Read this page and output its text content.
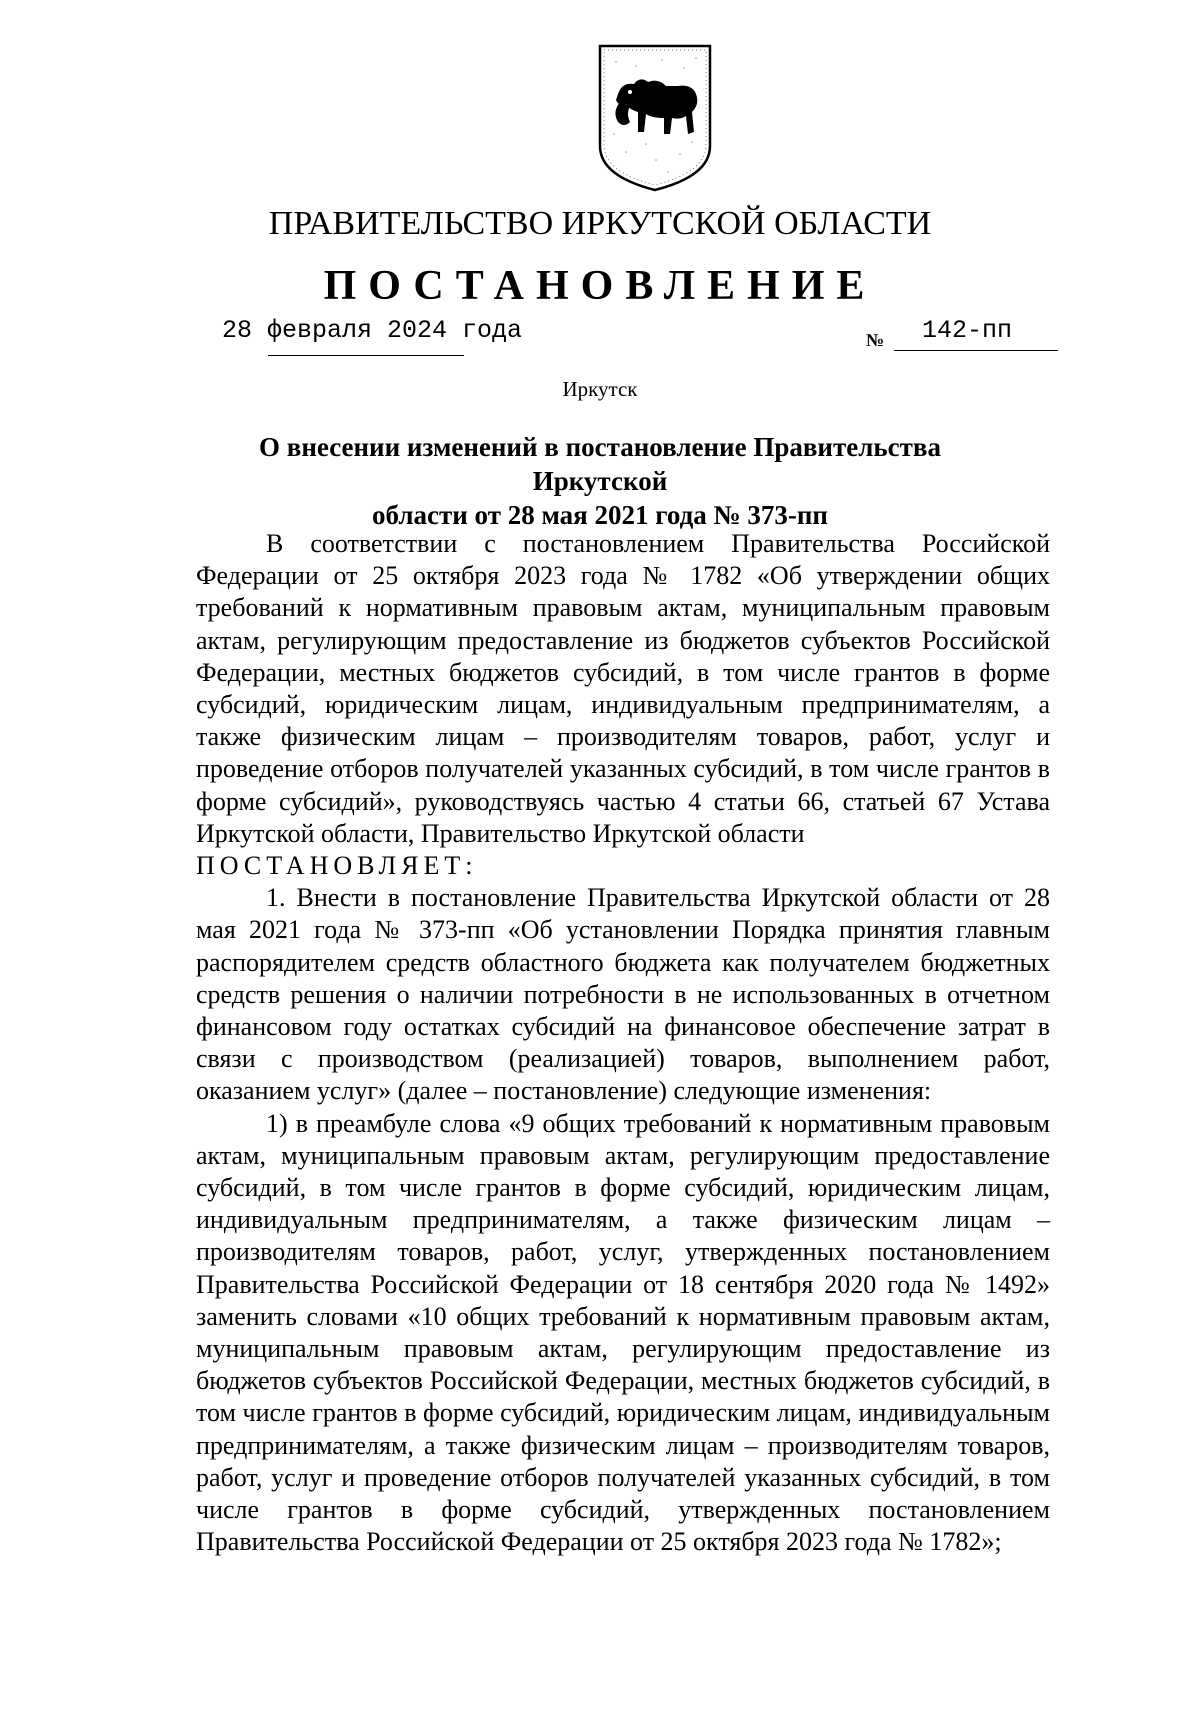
ПРАВИТЕЛЬСТВО ИРКУТСКОЙ ОБЛАСТИ
ПОСТАНОВЛЕНИЕ
28 февраля 2024 года	№ 142-пп
Иркутск
О внесении изменений в постановление Правительства Иркутской
области от 28 мая 2021 года № 373-пп

В соответствии с постановлением Правительства Российской Федерации от 25 октября 2023 года № 1782 «Об утверждении общих требований к нормативным правовым актам, муниципальным правовым актам, регулирующим предоставление из бюджетов субъектов Российской Федерации, местных бюджетов субсидий, в том числе грантов в форме субсидий, юридическим лицам, индивидуальным предпринимателям, а также физическим лицам – производителям товаров, работ, услуг и проведение отборов получателей указанных субсидий, в том числе грантов в форме субсидий», руководствуясь частью 4 статьи 66, статьей 67 Устава Иркутской области, Правительство Иркутской области

ПОСТАНОВЛЯЕТ:

1. Внести в постановление Правительства Иркутской области от 28 мая 2021 года № 373-пп «Об установлении Порядка принятия главным распорядителем средств областного бюджета как получателем бюджетных средств решения о наличии потребности в не использованных в отчетном финансовом году остатках субсидий на финансовое обеспечение затрат в связи с производством (реализацией) товаров, выполнением работ, оказанием услуг» (далее – постановление) следующие изменения:

1) в преамбуле слова «9 общих требований к нормативным правовым актам, муниципальным правовым актам, регулирующим предоставление субсидий, в том числе грантов в форме субсидий, юридическим лицам, индивидуальным предпринимателям, а также физическим лицам – производителям товаров, работ, услуг, утвержденных постановлением Правительства Российской Федерации от 18 сентября 2020 года № 1492» заменить словами «10 общих требований к нормативным правовым актам, муниципальным правовым актам, регулирующим предоставление из бюджетов субъектов Российской Федерации, местных бюджетов субсидий, в том числе грантов в форме субсидий, юридическим лицам, индивидуальным предпринимателям, а также физическим лицам – производителям товаров, работ, услуг и проведение отборов получателей указанных субсидий, в том числе грантов в форме субсидий, утвержденных постановлением Правительства Российской Федерации от 25 октября 2023 года № 1782»;
